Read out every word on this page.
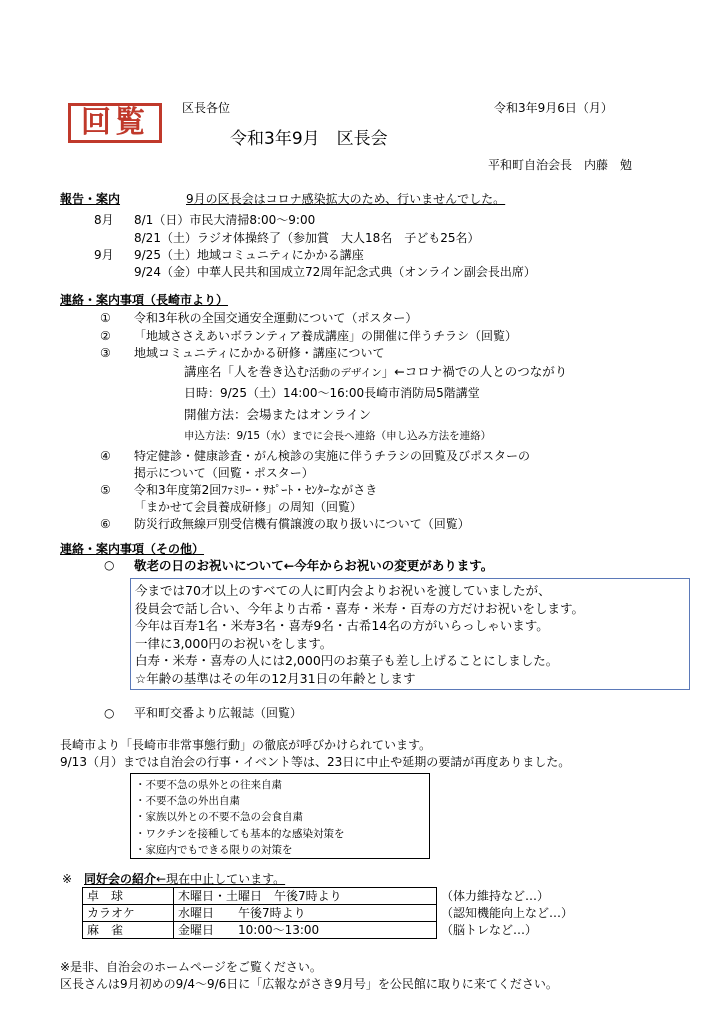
回覧	区長各位	令和3年9月6日（月）
令和3年9月　区長会
平和町自治会長　内藤　勉
報告・案内	9月の区長会はコロナ感染拡大のため、行いませんでした。
8月 8/1（日）市民大清掃8:00～9:00
8/21（土）ラジオ体操終了（参加賞　大人18名　子ども25名）
9月 9/25（土）地域コミュニティにかかる講座
9/24（金）中華人民共和国成立72周年記念式典（オンライン副会長出席）
連絡・案内事項（長崎市より）
① 令和3年秋の全国交通安全運動について（ポスター）
② 「地域ささえあいボランティア養成講座」の開催に伴うチラシ（回覧）
③ 地域コミュニティにかかる研修・講座について
講座名「人を巻き込む活動のデザイン」←コロナ禍での人とのつながり
日時：9/25（土）14:00～16:00長崎市消防局5階講堂
開催方法：会場またはオンライン
申込方法：9/15（水）までに会長へ連絡（申し込み方法を連絡）
④ 特定健診・健康診査・がん検診の実施に伴うチラシの回覧及びポスターの
掲示について（回覧・ポスター）
⑤ 令和3年度第2回ﾌｧﾐﾘｰ・ｻﾎﾟｰﾄ・ｾﾝﾀｰながさき
「まかせて会員養成研修」の周知（回覧）
⑥ 防災行政無線戸別受信機有償譲渡の取り扱いについて（回覧）
連絡・案内事項（その他）
○ 敬老の日のお祝いについて←今年からお祝いの変更があります。
今までは70才以上のすべての人に町内会よりお祝いを渡していましたが、
役員会で話し合い、今年より古希・喜寿・米寿・百寿の方だけお祝いをします。
今年は百寿1名・米寿3名・喜寿9名・古希14名の方がいらっしゃいます。
一律に3,000円のお祝いをします。
白寿・米寿・喜寿の人には2,000円のお菓子も差し上げることにしました。
☆年齢の基準はその年の12月31日の年齢とします
○ 平和町交番より広報誌（回覧）
長崎市より「長崎市非常事態行動」の徹底が呼びかけられています。
9/13（月）までは自治会の行事・イベント等は、23日に中止や延期の要請が再度ありました。
・不要不急の県外との往来自粛
・不要不急の外出自粛
・家族以外との不要不急の会食自粛
・ワクチンを接種しても基本的な感染対策を
・家庭内でもできる限りの対策を
※ 同好会の紹介←現在中止しています。
卓　球	木曜日・土曜日　午後7時より	（体力維持など…）
カラオケ	水曜日　　午後7時より	（認知機能向上など…）
麻　雀	金曜日　　10:00～13:00	（脳トレなど…）
※是非、自治会のホームページをご覧ください。
区長さんは9月初めの9/4～9/6日に「広報ながさき9月号」を公民館に取りに来てください。
